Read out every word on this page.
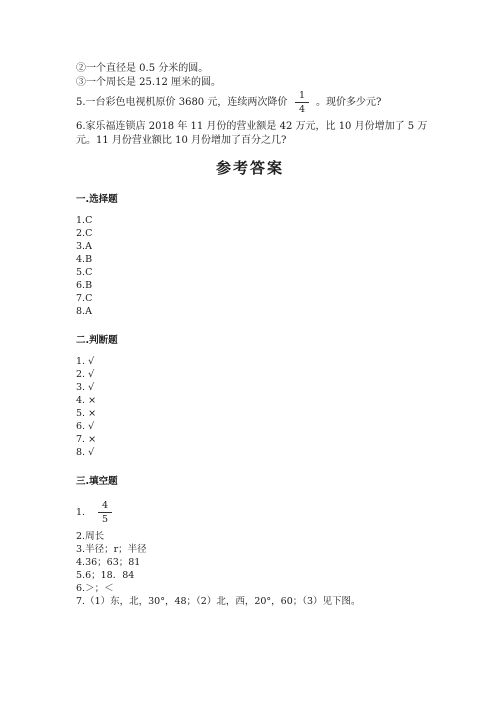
②一个直径是 0.5 分米的圆。
③一个周长是 25.12 厘米的圆。
5.一台彩色电视机原价 3680 元，连续两次降价
1
4
。现价多少元?
6.家乐福连锁店 2018 年 11 月份的营业额是 42 万元，比 10 月份增加了 5 万
元。11 月份营业额比 10 月份增加了百分之几?
参考答案
一.选择题
1.C
2.C
3.A
4.B
5.C
6.B
7.C
8.A
二.判断题
1. √
2. √
3. √
4. ×
5. ×
6. √
7. ×
8. √
三.填空题
1.
4
5
2.周长
3.半径；r；半径
4.36；63；81
5.6；18．84
6.＞；＜
7.（1）东，北，30°，48；（2）北，西，20°，60；（3）见下图。
